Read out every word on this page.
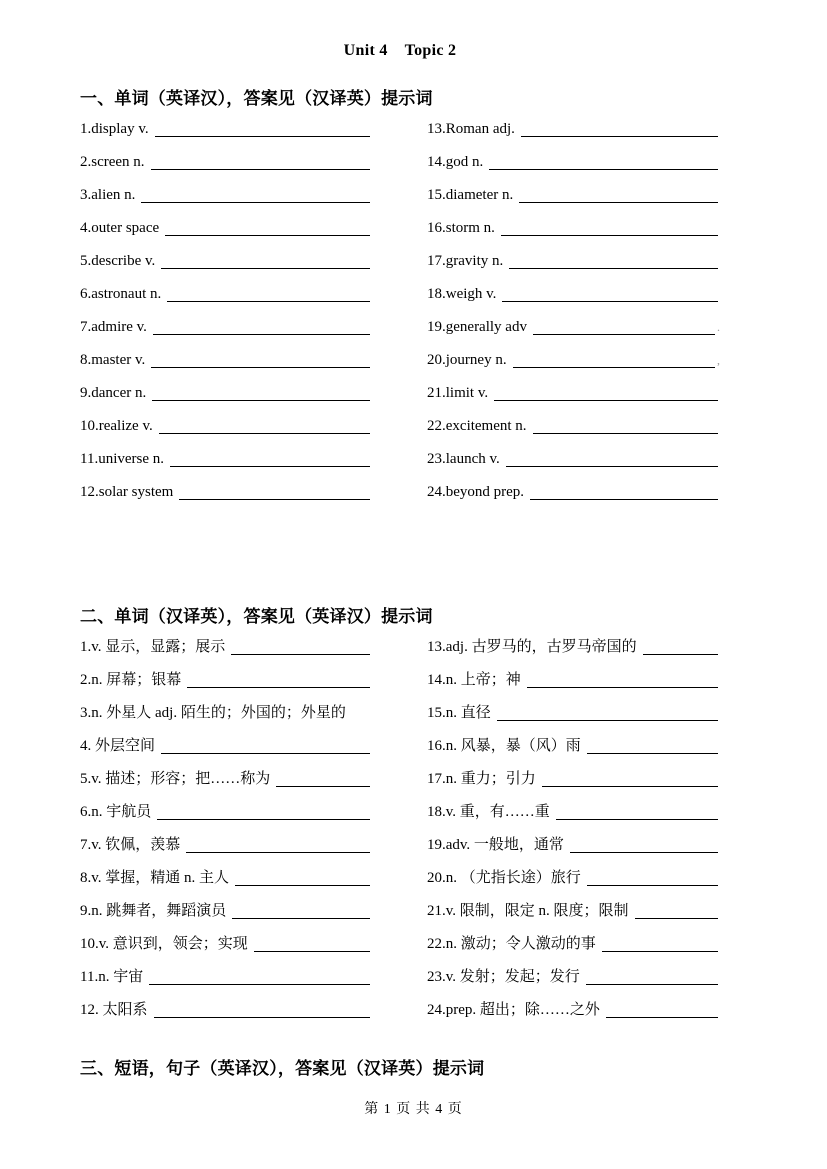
Unit 4    Topic 2
一、单词（英译汉），答案见（汉译英）提示词
1.display v.
2.screen n.
3.alien n.
4.outer space
5.describe v.
6.astronaut n.
7.admire v.
8.master v.
9.dancer n.
10.realize v.
11.universe n.
12.solar system
13.Roman adj.
14.god n.
15.diameter n.
16.storm n.
17.gravity n.
18.weigh v.
19.generally adv	.
20.journey n.	,
21.limit v.
22.excitement n.
23.launch v.
24.beyond prep.
二、单词（汉译英），答案见（英译汉）提示词
1.v. 显示，显露；展示
2.n. 屏幕；银幕
3.n. 外星人 adj. 陌生的；外国的；外星的
4. 外层空间
5.v. 描述；形容；把……称为
6.n. 宇航员
7.v. 钦佩，羡慕
8.v. 掌握，精通 n. 主人
9.n. 跳舞者，舞蹈演员
10.v. 意识到，领会；实现
11.n. 宇宙
12. 太阳系
13.adj. 古罗马的，古罗马帝国的
14.n. 上帝；神
15.n. 直径
16.n. 风暴，暴（风）雨
17.n. 重力；引力
18.v. 重，有……重
19.adv. 一般地，通常
20.n. （尤指长途）旅行
21.v. 限制，限定 n. 限度；限制
22.n. 激动；令人激动的事
23.v. 发射；发起；发行
24.prep. 超出；除……之外
三、短语，句子（英译汉），答案见（汉译英）提示词
第 1 页 共 4 页
